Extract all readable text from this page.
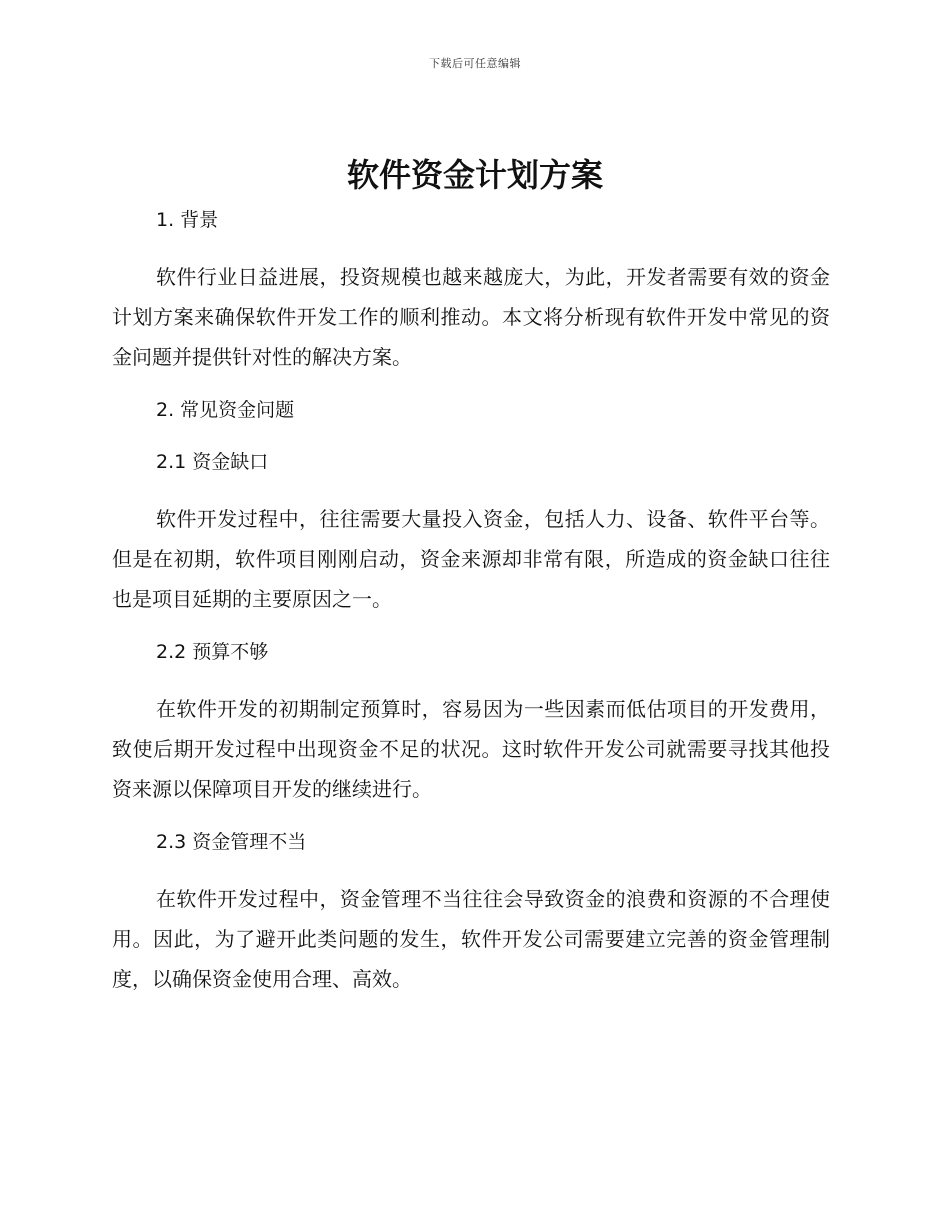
下载后可任意编辑
软件资金计划方案
1. 背景

软件行业日益进展，投资规模也越来越庞大，为此，开发者需要有效的资金计划方案来确保软件开发工作的顺利推动。本文将分析现有软件开发中常见的资金问题并提供针对性的解决方案。

2. 常见资金问题
2.1 资金缺口

软件开发过程中，往往需要大量投入资金，包括人力、设备、软件平台等。但是在初期，软件项目刚刚启动，资金来源却非常有限，所造成的资金缺口往往也是项目延期的主要原因之一。

2.2 预算不够

在软件开发的初期制定预算时，容易因为一些因素而低估项目的开发费用，致使后期开发过程中出现资金不足的状况。这时软件开发公司就需要寻找其他投资来源以保障项目开发的继续进行。

2.3 资金管理不当

在软件开发过程中，资金管理不当往往会导致资金的浪费和资源的不合理使用。因此，为了避开此类问题的发生，软件开发公司需要建立完善的资金管理制度，以确保资金使用合理、高效。
